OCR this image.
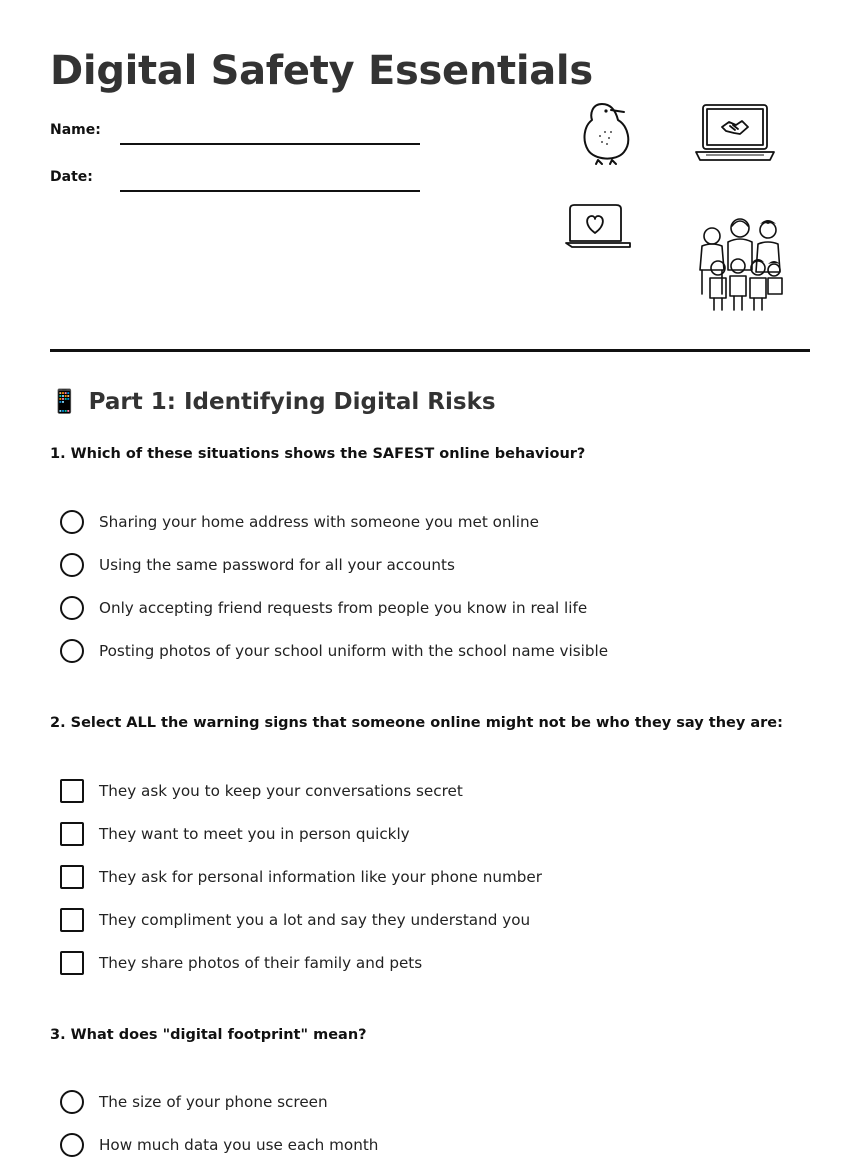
Digital Safety Essentials
Name:
Date:
📱 Part 1: Identifying Digital Risks
1. Which of these situations shows the SAFEST online behaviour?
Sharing your home address with someone you met online
Using the same password for all your accounts
Only accepting friend requests from people you know in real life
Posting photos of your school uniform with the school name visible
2. Select ALL the warning signs that someone online might not be who they say they are:
They ask you to keep your conversations secret
They want to meet you in person quickly
They ask for personal information like your phone number
They compliment you a lot and say they understand you
They share photos of their family and pets
3. What does "digital footprint" mean?
The size of your phone screen
How much data you use each month
